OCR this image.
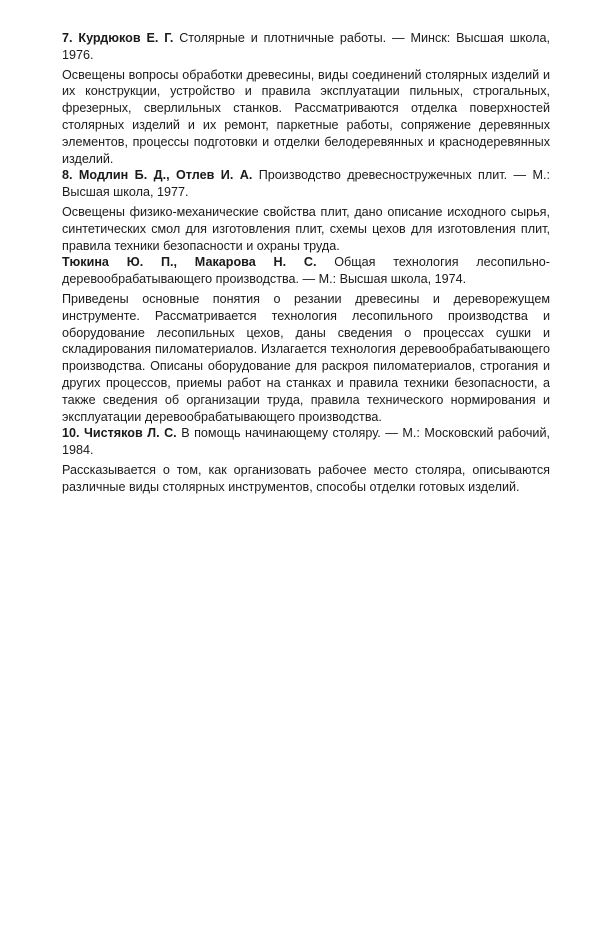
7. Курдюков Е. Г. Столярные и плотничные работы. — Минск: Высшая школа, 1976.

Освещены вопросы обработки древесины, виды соединений столярных изделий и их конструкции, устройство и правила эксплуатации пильных, строгальных, фрезерных, сверлильных станков. Рассматриваются отделка поверхностей столярных изделий и их ремонт, паркетные работы, сопряжение деревянных элементов, процессы подготовки и отделки белодеревянных и краснодеревянных изделий.

8. Модлин Б. Д., Отлев И. А. Производство древесностружечных плит. — М.: Высшая школа, 1977.

Освещены физико-механические свойства плит, дано описание исходного сырья, синтетических смол для изготовления плит, схемы цехов для изготовления плит, правила техники безопасности и охраны труда.

Тюкина Ю. П., Макарова Н. С. Общая технология лесопильно-деревообрабатывающего производства. — М.: Высшая школа, 1974.

Приведены основные понятия о резании древесины и дереворежущем инструменте. Рассматривается технология лесопильного производства и оборудование лесопильных цехов, даны сведения о процессах сушки и складирования пиломатериалов. Излагается технология деревообрабатывающего производства. Описаны оборудование для раскроя пиломатериалов, строгания и других процессов, приемы работ на станках и правила техники безопасности, а также сведения об организации труда, правила технического нормирования и эксплуатации деревообрабатывающего производства.

10. Чистяков Л. С. В помощь начинающему столяру. — М.: Московский рабочий, 1984.

Рассказывается о том, как организовать рабочее место столяра, описываются различные виды столярных инструментов, способы отделки готовых изделий.
